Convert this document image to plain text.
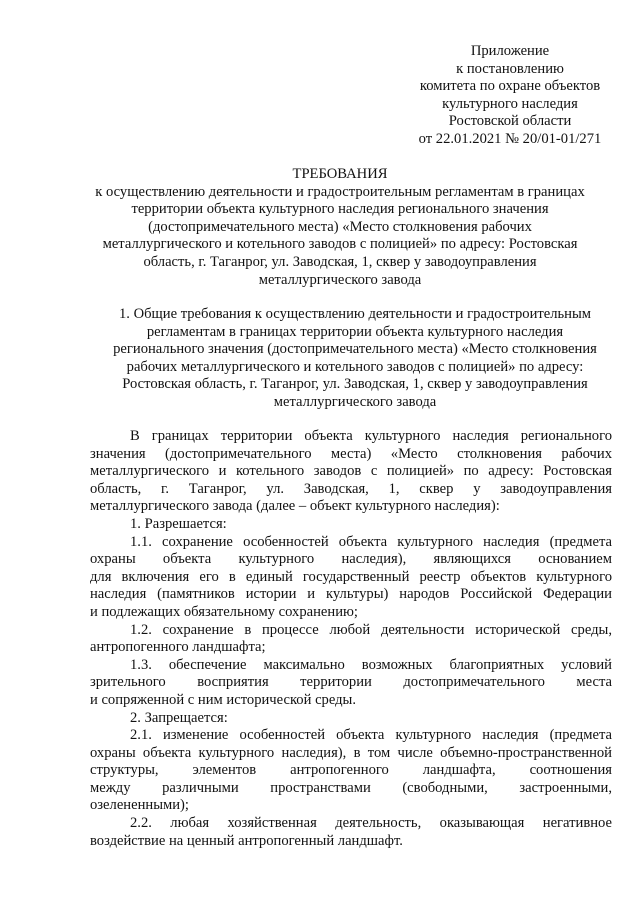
Приложение
к постановлению
комитета по охране объектов
культурного наследия
Ростовской области
от 22.01.2021 № 20/01-01/271
ТРЕБОВАНИЯ
к осуществлению деятельности и градостроительным регламентам в границах
территории объекта культурного наследия регионального значения
(достопримечательного места) «Место столкновения рабочих
металлургического и котельного заводов с полицией» по адресу: Ростовская
область, г. Таганрог, ул. Заводская, 1, сквер у заводоуправления
металлургического завода
1. Общие требования к осуществлению деятельности и градостроительным
регламентам в границах территории объекта культурного наследия
регионального значения (достопримечательного места) «Место столкновения
рабочих металлургического и котельного заводов с полицией» по адресу:
Ростовская область, г. Таганрог, ул. Заводская, 1, сквер у заводоуправления
металлургического завода
В границах территории объекта культурного наследия регионального
значения (достопримечательного места) «Место столкновения рабочих
металлургического и котельного заводов с полицией» по адресу: Ростовская
область, г. Таганрог, ул. Заводская, 1, сквер у заводоуправления
металлургического завода (далее – объект культурного наследия):
1. Разрешается:
1.1. сохранение особенностей объекта культурного наследия (предмета
охраны объекта культурного наследия), являющихся основанием
для включения его в единый государственный реестр объектов культурного
наследия (памятников истории и культуры) народов Российской Федерации
и подлежащих обязательному сохранению;
1.2. сохранение в процессе любой деятельности исторической среды,
антропогенного ландшафта;
1.3. обеспечение максимально возможных благоприятных условий
зрительного восприятия территории достопримечательного места
и сопряженной с ним исторической среды.
2. Запрещается:
2.1. изменение особенностей объекта культурного наследия (предмета
охраны объекта культурного наследия), в том числе объемно-пространственной
структуры, элементов антропогенного ландшафта, соотношения
между различными пространствами (свободными, застроенными,
озелененными);
2.2. любая хозяйственная деятельность, оказывающая негативное
воздействие на ценный антропогенный ландшафт.
